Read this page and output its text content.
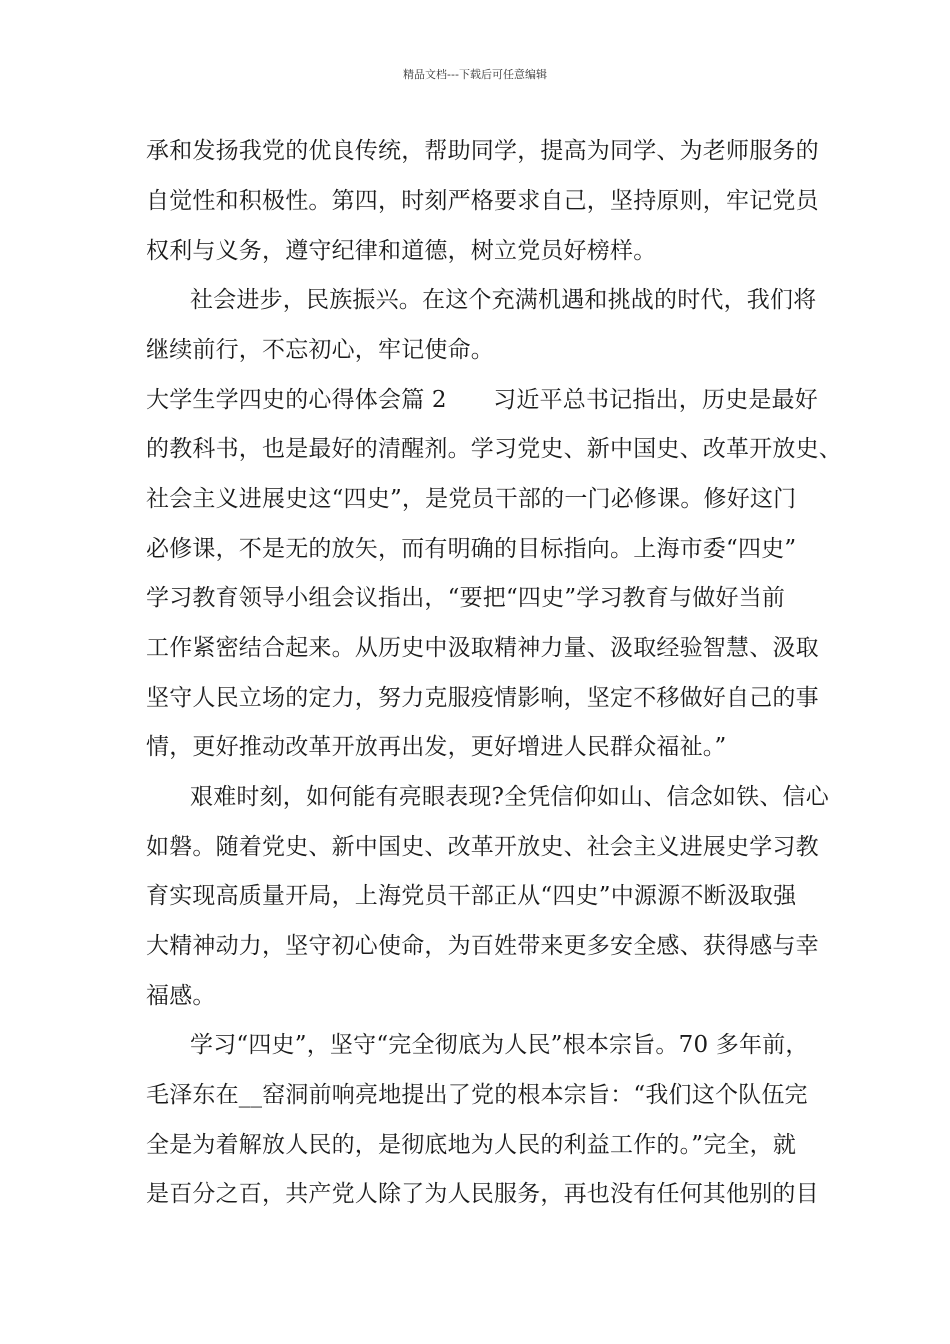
精品文档---下载后可任意编辑
承和发扬我党的优良传统，帮助同学，提高为同学、为老师服务的
自觉性和积极性。第四，时刻严格要求自己，坚持原则，牢记党员
权利与义务，遵守纪律和道德，树立党员好榜样。
社会进步，民族振兴。在这个充满机遇和挑战的时代，我们将
继续前行，不忘初心，牢记使命。
大学生学四史的心得体会篇 2　　习近平总书记指出，历史是最好
的教科书，也是最好的清醒剂。学习党史、新中国史、改革开放史、
社会主义进展史这“四史”，是党员干部的一门必修课。修好这门
必修课，不是无的放矢，而有明确的目标指向。上海市委“四史”
学习教育领导小组会议指出，“要把“四史”学习教育与做好当前
工作紧密结合起来。从历史中汲取精神力量、汲取经验智慧、汲取
坚守人民立场的定力，努力克服疫情影响，坚定不移做好自己的事
情，更好推动改革开放再出发，更好增进人民群众福祉。”
艰难时刻，如何能有亮眼表现?全凭信仰如山、信念如铁、信心
如磐。随着党史、新中国史、改革开放史、社会主义进展史学习教
育实现高质量开局，上海党员干部正从“四史”中源源不断汲取强
大精神动力，坚守初心使命，为百姓带来更多安全感、获得感与幸
福感。
学习“四史”，坚守“完全彻底为人民”根本宗旨。70 多年前，
毛泽东在__窑洞前响亮地提出了党的根本宗旨：“我们这个队伍完
全是为着解放人民的，是彻底地为人民的利益工作的。”完全，就
是百分之百，共产党人除了为人民服务，再也没有任何其他别的目
